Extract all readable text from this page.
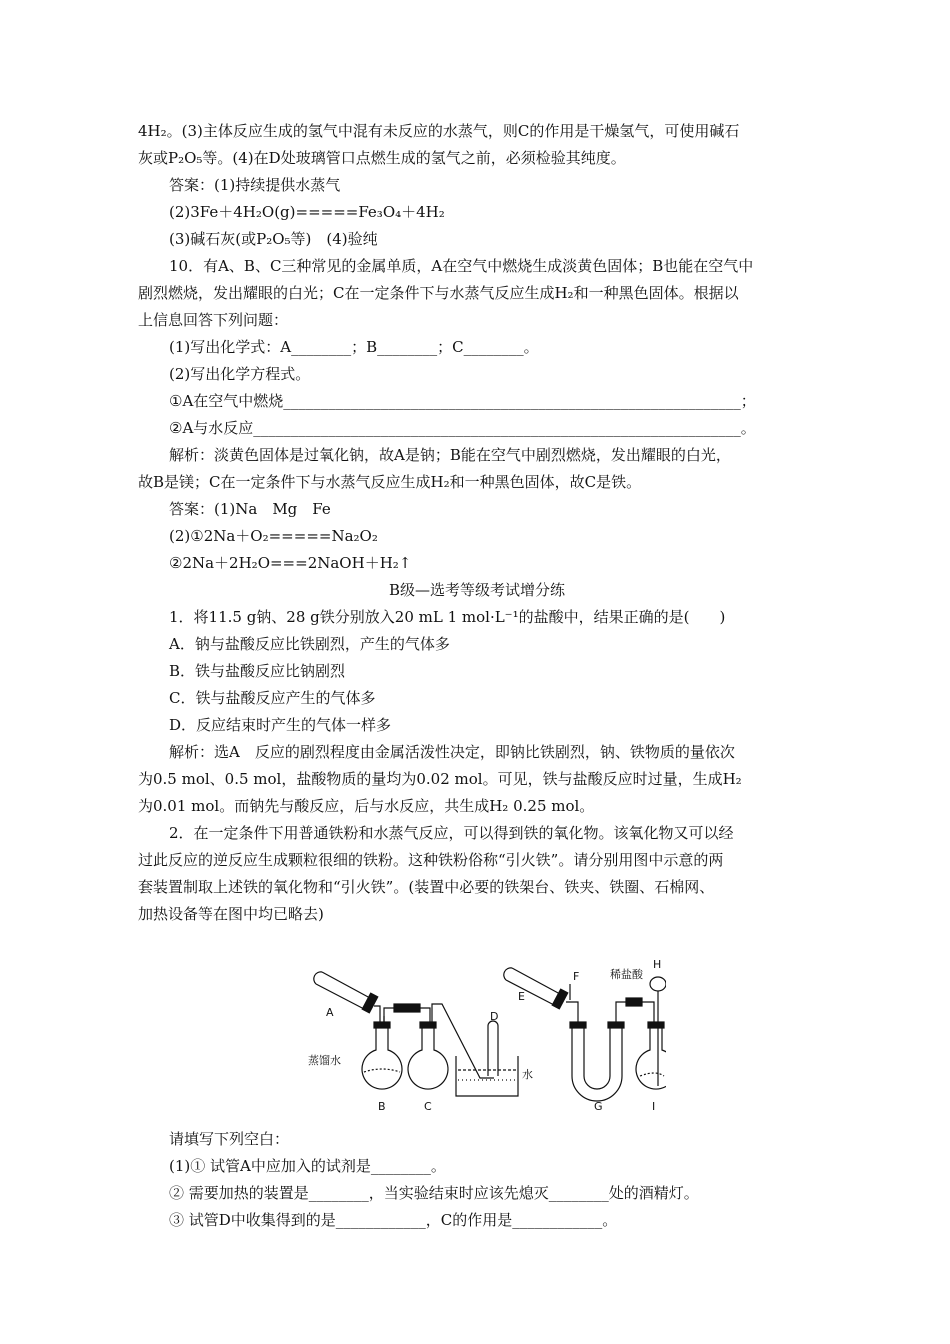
4H₂。(3)主体反应生成的氢气中混有未反应的水蒸气，则C的作用是干燥氢气，可使用碱石

灰或P₂O₅等。(4)在D处玻璃管口点燃生成的氢气之前，必须检验其纯度。

答案：(1)持续提供水蒸气

(2)3Fe＋4H₂O(g)=====Fe₃O₄＋4H₂

(3)碱石灰(或P₂O₅等)　(4)验纯

10．有A、B、C三种常见的金属单质，A在空气中燃烧生成淡黄色固体；B也能在空气中

剧烈燃烧，发出耀眼的白光；C在一定条件下与水蒸气反应生成H₂和一种黑色固体。根据以

上信息回答下列问题：

(1)写出化学式：A________；B________；C________。

(2)写出化学方程式。

①A在空气中燃烧_____________________________________________________________；

②A与水反应_________________________________________________________________。

解析：淡黄色固体是过氧化钠，故A是钠；B能在空气中剧烈燃烧，发出耀眼的白光，

故B是镁；C在一定条件下与水蒸气反应生成H₂和一种黑色固体，故C是铁。

答案：(1)Na　Mg　Fe

(2)①2Na＋O₂=====Na₂O₂

②2Na＋2H₂O===2NaOH＋H₂↑

B级—选考等级考试增分练

1．将11.5 g钠、28 g铁分别放入20 mL 1 mol·L⁻¹的盐酸中，结果正确的是(　　)

A．钠与盐酸反应比铁剧烈，产生的气体多

B．铁与盐酸反应比钠剧烈

C．铁与盐酸反应产生的气体多

D．反应结束时产生的气体一样多

解析：选A　反应的剧烈程度由金属活泼性决定，即钠比铁剧烈，钠、铁物质的量依次

为0.5 mol、0.5 mol，盐酸物质的量均为0.02 mol。可见，铁与盐酸反应时过量，生成H₂

为0.01 mol。而钠先与酸反应，后与水反应，共生成H₂ 0.25 mol。

2．在一定条件下用普通铁粉和水蒸气反应，可以得到铁的氧化物。该氧化物又可以经

过此反应的逆反应生成颗粒很细的铁粉。这种铁粉俗称“引火铁”。请分别用图中示意的两

套装置制取上述铁的氧化物和“引火铁”。(装置中必要的铁架台、铁夹、铁圈、石棉网、

加热设备等在图中均已略去)

A
蒸馏水
B	C
D
水
E
F
G
稀盐酸
H
I

请填写下列空白：

(1)① 试管A中应加入的试剂是________。

② 需要加热的装置是________，当实验结束时应该先熄灭________处的酒精灯。

③ 试管D中收集得到的是____________，C的作用是____________。
